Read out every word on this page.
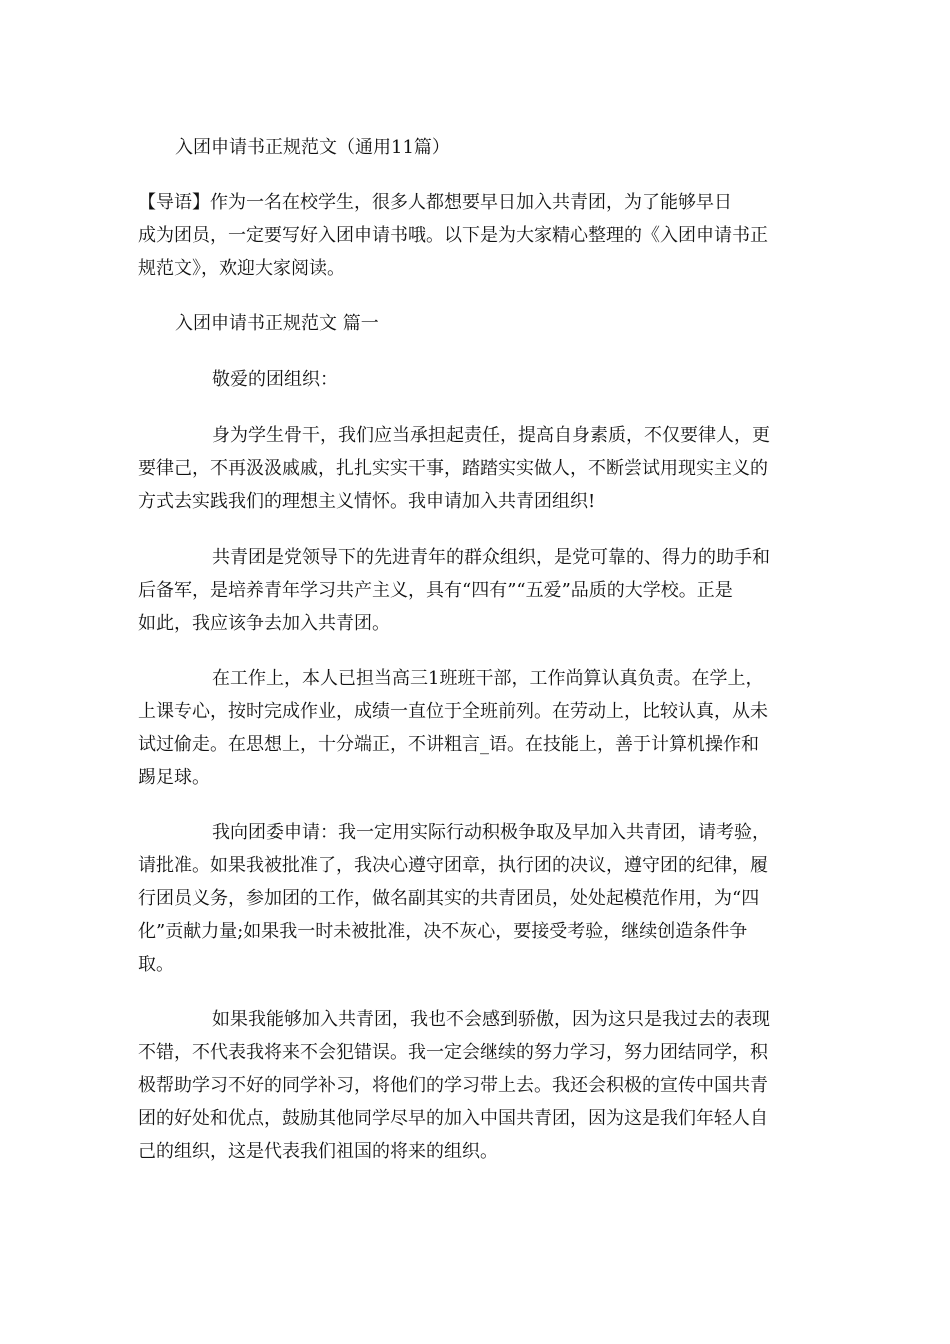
入团申请书正规范文（通用11篇）
【导语】作为一名在校学生，很多人都想要早日加入共青团，为了能够早日
成为团员，一定要写好入团申请书哦。以下是为大家精心整理的《入团申请书正
规范文》，欢迎大家阅读。
入团申请书正规范文 篇一
敬爱的团组织：
身为学生骨干，我们应当承担起责任，提高自身素质，不仅要律人，更
要律己，不再汲汲戚戚，扎扎实实干事，踏踏实实做人，不断尝试用现实主义的
方式去实践我们的理想主义情怀。我申请加入共青团组织!
共青团是党领导下的先进青年的群众组织，是党可靠的、得力的助手和
后备军，是培养青年学习共产主义，具有“四有”“五爱”品质的大学校。正是
如此，我应该争去加入共青团。
在工作上，本人已担当高三1班班干部，工作尚算认真负责。在学上，
上课专心，按时完成作业，成绩一直位于全班前列。在劳动上，比较认真，从未
试过偷走。在思想上，十分端正，不讲粗言_语。在技能上，善于计算机操作和
踢足球。
我向团委申请：我一定用实际行动积极争取及早加入共青团，请考验，
请批准。如果我被批准了，我决心遵守团章，执行团的决议，遵守团的纪律，履
行团员义务，参加团的工作，做名副其实的共青团员，处处起模范作用，为“四
化”贡献力量;如果我一时未被批准，决不灰心，要接受考验，继续创造条件争
取。
如果我能够加入共青团，我也不会感到骄傲，因为这只是我过去的表现
不错，不代表我将来不会犯错误。我一定会继续的努力学习，努力团结同学，积
极帮助学习不好的同学补习，将他们的学习带上去。我还会积极的宣传中国共青
团的好处和优点，鼓励其他同学尽早的加入中国共青团，因为这是我们年轻人自
己的组织，这是代表我们祖国的将来的组织。
